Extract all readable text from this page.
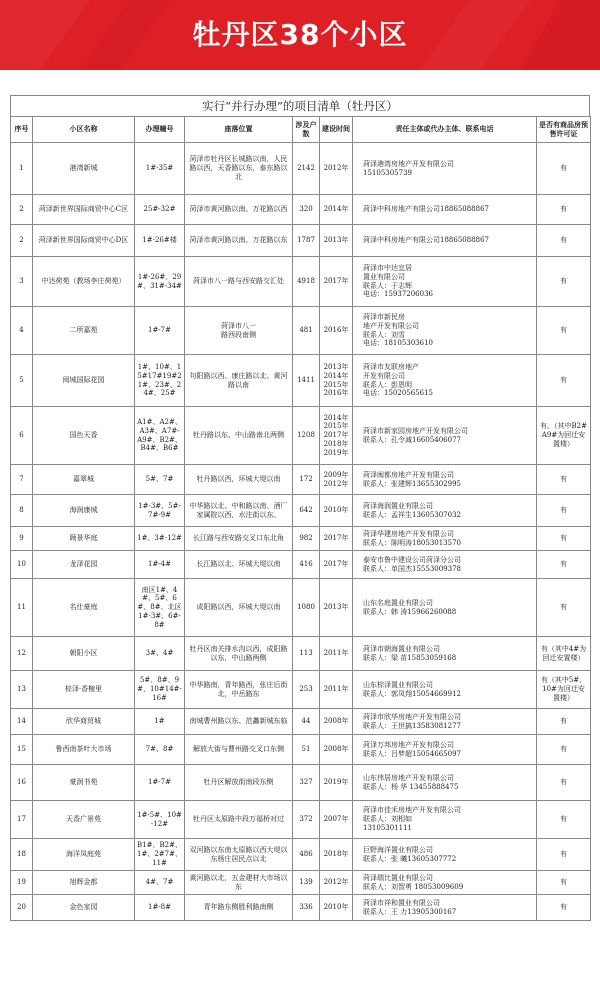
牡丹区38个小区
实行“并行办理”的项目清单（牡丹区）
序号	小区名称	办理幢号	座落位置	涉及户数	建设时间	责任主体或代办主体、联系电话	是否有商品房预售许可证
1	港湾新城	1#-35#	菏泽市牡丹区长城路以南，人民路以西，天香路以东，泰东路以北	2142	2012年	菏泽港湾房地产开发有限公司
15105305739	有
2	菏泽新世界国际商贸中心C区	25#-32#	菏泽市黄河路以南、万花路以西	320	2014年	菏泽中科房地产有限公司18865088867	有
2	菏泽新世界国际商贸中心D区	1#-26#楼	菏泽市黄河路以南、万花路以东	1787	2013年	菏泽中科房地产有限公司18865088867	有
3	中达荷苑（教场李庄荷苑）	1#-26#、29#、31#-34#	菏泽市八一路与西安路交汇处	4918	2017年	菏泽市中达宜居
置业有限公司
联系人：于志辉
电话：15937206036	有
4	二所嘉苑	1#-7#	菏泽市八一
路西段南侧	481	2016年	菏泽市新民房
地产开发有限公司
联系人：刘雪
电话：18105303610	有
5	阅城国际花园	1#、10#、15#17#19#21#、23#、24#、25#	句阳路以西、康庄路以北、黄河路以南	1411	2013年
2014年
2015年
2016年	菏泽市友联房地产
开发有限公司
联系人：彭恩明
电话：15020565615	有
6	国色天香	A1#、A2#、A3#、A7#-A9#、B2#、B4#、B6#	牡丹路以东、中山路南北两侧	1208	2014年
2015年
2017年
2018年
2019年	菏泽市新家园房地产开发有限公司
联系人：孔令减16605406077	有。（其中B2#
A9#为回迁安置楼）
7	嘉翠城	5#、7#	牡丹路以西，环城大堤以南	172	2009年
2012年	菏泽闽都房地产开发有限公司
联系人：张建辉13655302995	有
8	海润康城	1#-3#、5#-7#-9#	中华路以北、中和路以南、酒厂家属院以西，水注街以东。	642	2010年	菏泽海润置业有限公司
联系人：孟祥生13605307032	有
9	顾景华庭	1#、3#-12#	长江路与西安路交叉口东北角	982	2017年	菏泽华建房地产开发有限公司
联系人：陈明涛18053013570	有
10	龙泽花园	1#-4#	长江路以北、环城大堤以南	416	2017年	泰安市鲁中建设公司菏泽分公司
联系人：单国杰15553009378	有
11	名仕豪庭	南区1#、4#、5#、6#、8#、北区1#-3#、6#-8#	成阳路以西，环城大堤以南	1080	2013年	山东名庭置业有限公司
联系人：韩 涛15966260088	有
12	朝阳小区	3#、4#	牡丹区南关排水沟以西，成阳路以东，中山路两侧	113	2011年	菏泽市朝海置业有限公司
联系人：梁 苗15853059168	有（其中4#为回迁安置楼）
13	棕泽·香榭里	5#、8#、9#、10#14#-16#	中华路南，青年路西，张庄后街北，中岳路东	253	2011年	山东棕泽置业有限公司
联系人：郭凤翔15054669912	有（其中5#、10#为回迁安置楼）
14	欣华商贸城	1#	南城曹州路以东、范蠡新城东临	44	2008年	菏泽市欣华房地产开发有限公司
联系人：王世搞13583081277	有
15	鲁西南茶叶大市场	7#、8#	解放大街与曹州路交叉口东侧	51	2008年	菏泽万邦房地产开发有限公司
联系人：吕梦超15054665097	有
16	豪润书苑	1#-7#	牡丹区解放街南段东侧	327	2019年	山东伟居房地产开发有限公司
联系人：杨 华 13455888475	有
17	天香广景苑	1#-5#、10#-12#	牡丹区太原路中段万福桥对过	372	2007年	菏泽市佳禾房地产开发有限公司
联系人：刘相如
13105301111	有
18	海洋凤庭苑	B1#、B2#、1#、2#7#、11#	双河路以东南太原路以西大堤以东杨庄居民点以北	486	2018年	巨野海洋置业有限公司
联系人：张 曦13605307772	有
19	旭辉金都	4#、7#	黄河路以北，五金建材大市场以东	139	2012年	菏泽瑞比置业有限公司
联系人：刘智勇 18053009609	有
20	金色家园	1#-8#	青年路东侧胜利路南侧	336	2010年	菏泽市祥和置业有限公司
联系人：王 力13905300167	有
